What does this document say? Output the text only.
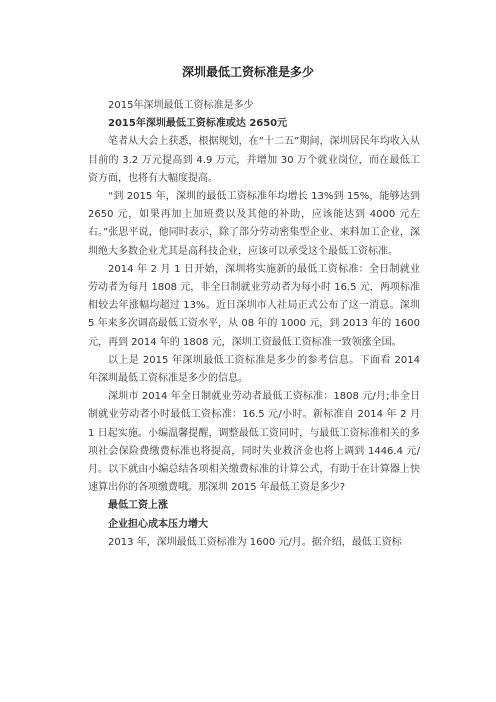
深圳最低工资标准是多少

2015年深圳最低工资标准是多少

2015年深圳最低工资标准或达 2650元

笔者从大会上获悉，根据规划，在“十二五”期间，深圳居民年均收入从目前的 3.2 万元提高到 4.9 万元，并增加 30 万个就业岗位，而在最低工资方面，也将有大幅度提高。

“到 2015 年，深圳的最低工资标准年均增长 13%到 15%，能够达到 2650 元，如果再加上加班费以及其他的补助，应该能达到 4000 元左右。”张思平说，他同时表示，除了部分劳动密集型企业、来料加工企业，深圳绝大多数企业尤其是高科技企业，应该可以承受这个最低工资标准。

2014 年 2 月 1 日开始，深圳将实施新的最低工资标准：全日制就业劳动者为每月 1808 元，非全日制就业劳动者为每小时 16.5 元，两项标准相较去年涨幅均超过 13%。近日深圳市人社局正式公布了这一消息。深圳 5 年来多次调高最低工资水平，从 08 年的 1000 元，到 2013 年的 1600 元，再到 2014 年的 1808 元，深圳工资最低工资标准一致领涨全国。

以上是 2015 年深圳最低工资标准是多少的参考信息。下面看 2014 年深圳最低工资标准是多少的信息。

深圳市 2014 年全日制就业劳动者最低工资标准：1808 元/月;非全日制就业劳动者小时最低工资标准：16.5 元/小时。新标准自 2014 年 2 月 1 日起实施。小编温馨提醒，调整最低工资同时，与最低工资标准相关的多项社会保险费缴费标准也将提高，同时失业救济金也将上调到 1446.4 元/月。以下就由小编总结各项相关缴费标准的计算公式，有助于在计算器上快速算出你的各项缴费哦。那深圳 2015 年最低工资是多少?

最低工资上涨

企业担心成本压力增大

2013 年，深圳最低工资标准为 1600 元/月。据介绍，最低工资标
